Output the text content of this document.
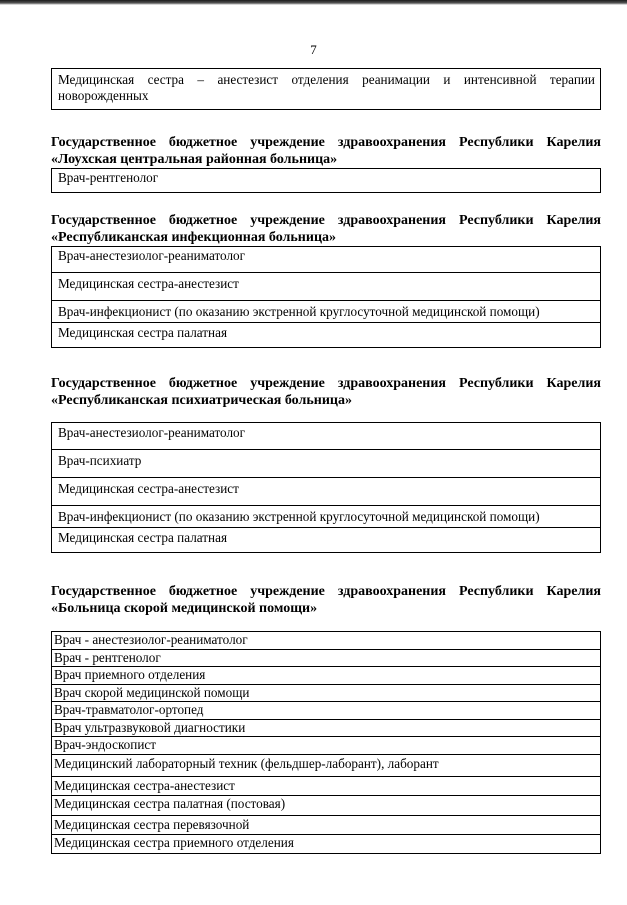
7
Медицинская сестра – анестезист отделения реанимации и интенсивной терапии новорожденных
Государственное бюджетное учреждение здравоохранения Республики Карелия «Лоухская центральная районная больница»
Врач-рентгенолог
Государственное бюджетное учреждение здравоохранения Республики Карелия «Республиканская инфекционная больница»
Врач-анестезиолог-реаниматолог
Медицинская сестра-анестезист
Врач-инфекционист (по оказанию экстренной круглосуточной медицинской помощи)
Медицинская сестра палатная
Государственное бюджетное учреждение здравоохранения Республики Карелия «Республиканская психиатрическая больница»
Врач-анестезиолог-реаниматолог
Врач-психиатр
Медицинская сестра-анестезист
Врач-инфекционист (по оказанию экстренной круглосуточной медицинской помощи)
Медицинская сестра палатная
Государственное бюджетное учреждение здравоохранения Республики Карелия «Больница скорой медицинской помощи»
Врач - анестезиолог-реаниматолог
Врач - рентгенолог
Врач приемного отделения
Врач скорой медицинской помощи
Врач-травматолог-ортопед
Врач ультразвуковой диагностики
Врач-эндоскопист
Медицинский лабораторный техник (фельдшер-лаборант), лаборант
Медицинская сестра-анестезист
Медицинская сестра палатная (постовая)
Медицинская сестра перевязочной
Медицинская сестра приемного отделения
